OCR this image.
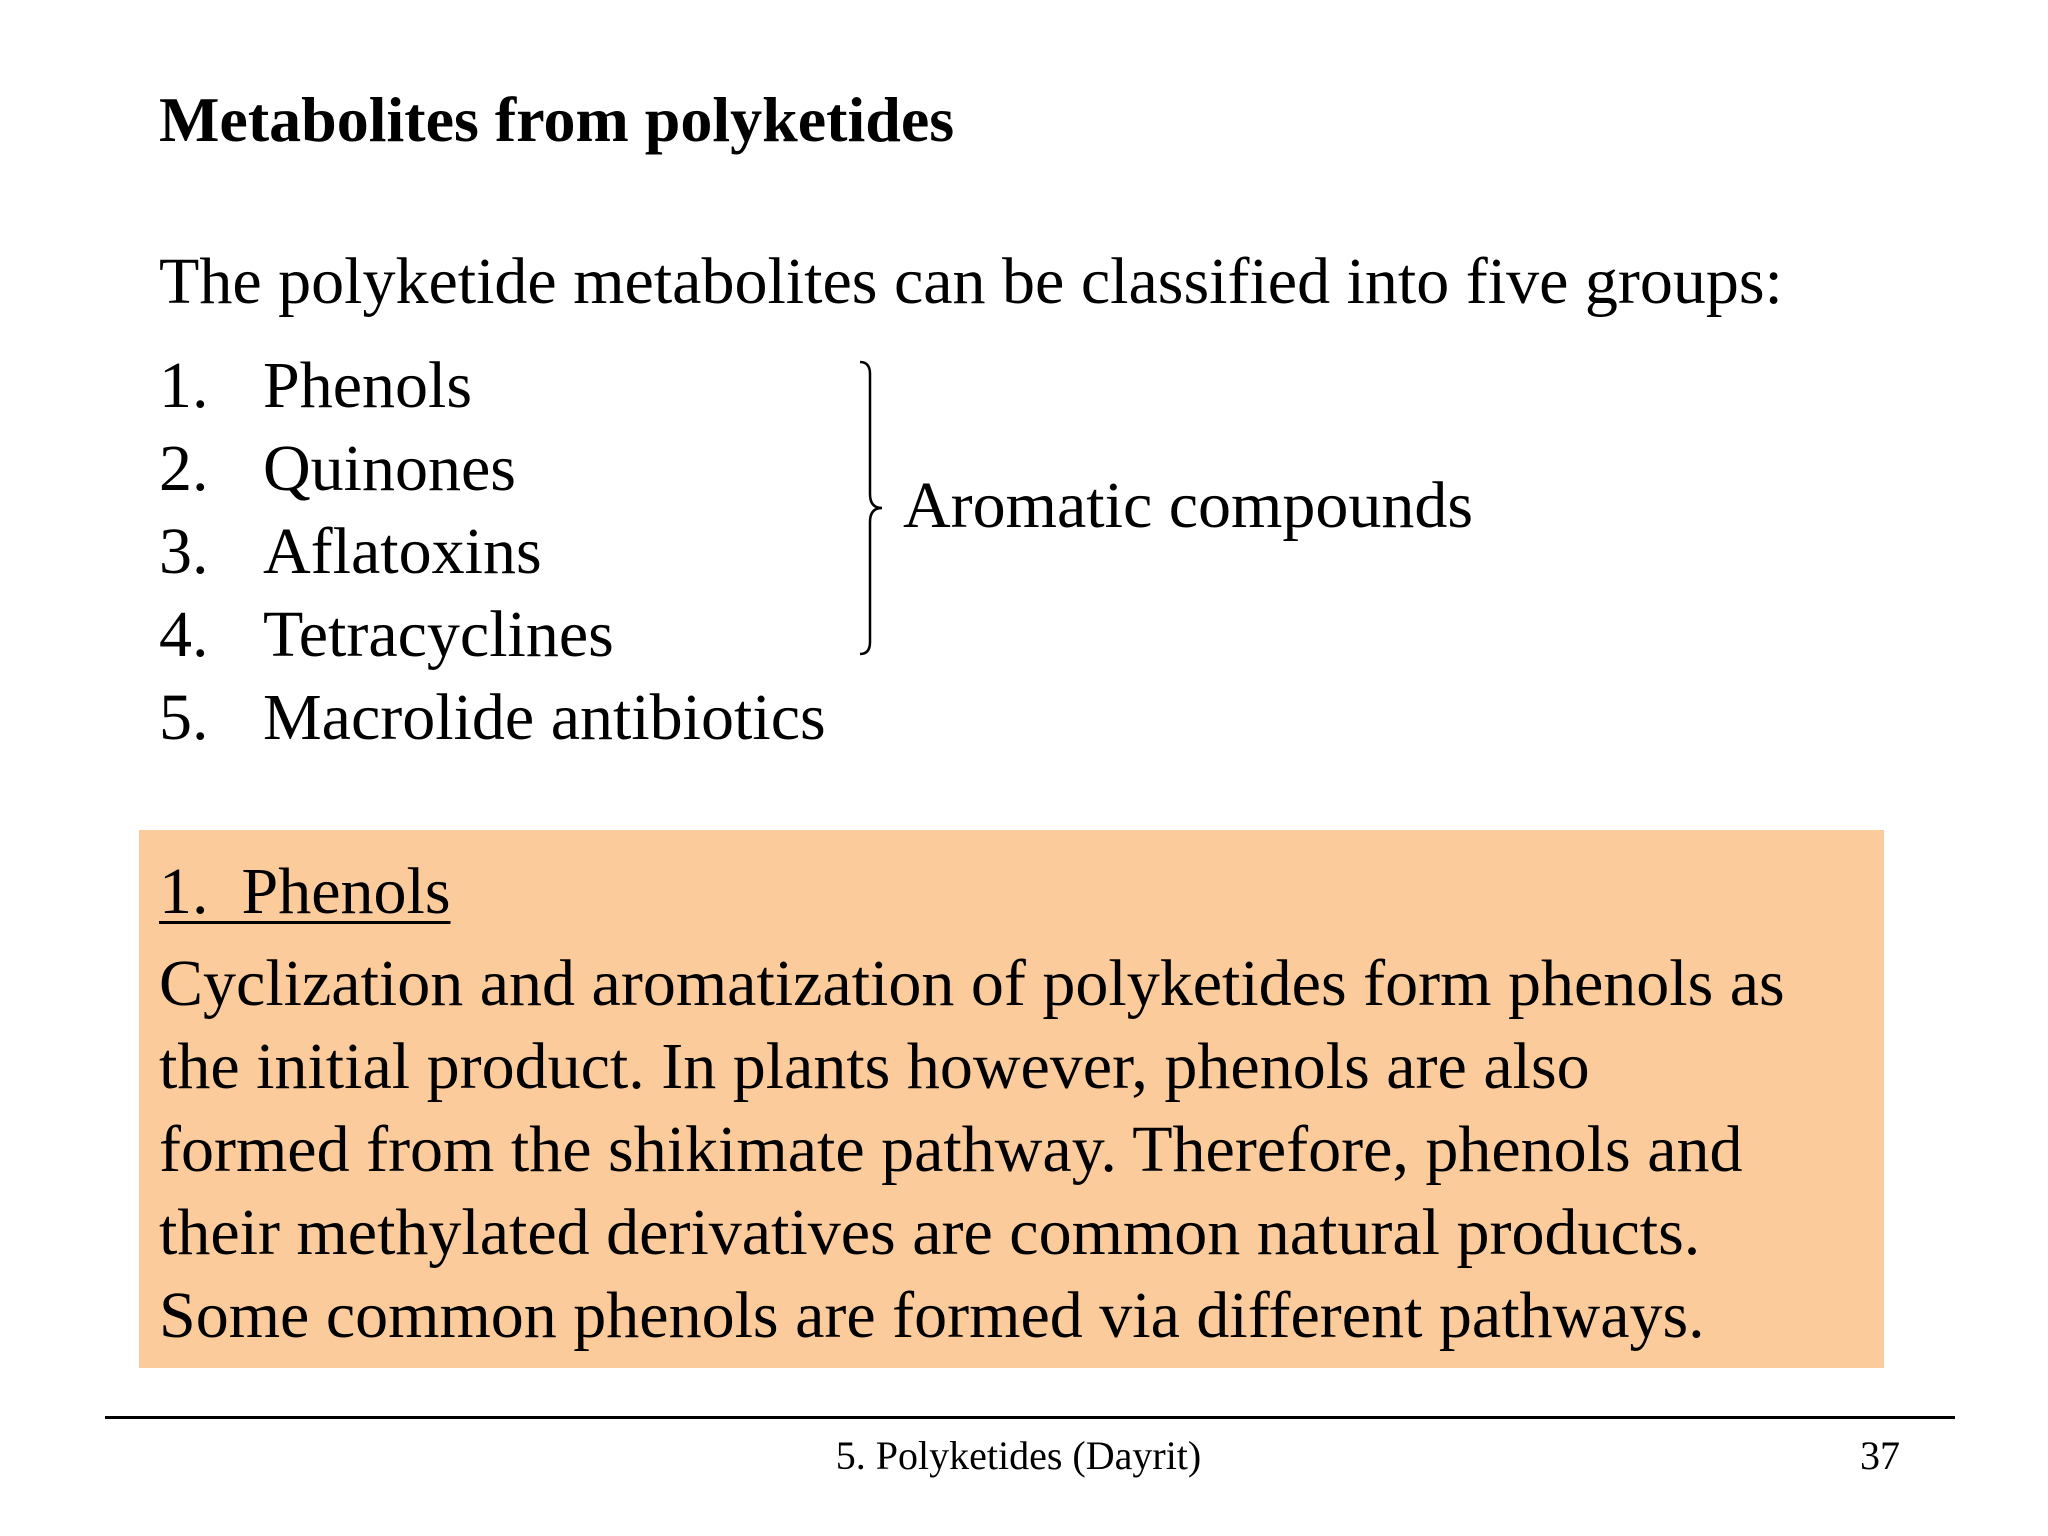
Metabolites from polyketides
The polyketide metabolites can be classified into five groups:
1. Phenols
2. Quinones
3. Aflatoxins
4. Tetracyclines
5. Macrolide antibiotics
Aromatic compounds
1.  Phenols
Cyclization and aromatization of polyketides form phenols as
the initial product. In plants however, phenols are also
formed from the shikimate pathway. Therefore, phenols and
their methylated derivatives are common natural products.
Some common phenols are formed via different pathways.
5. Polyketides (Dayrit)	37
